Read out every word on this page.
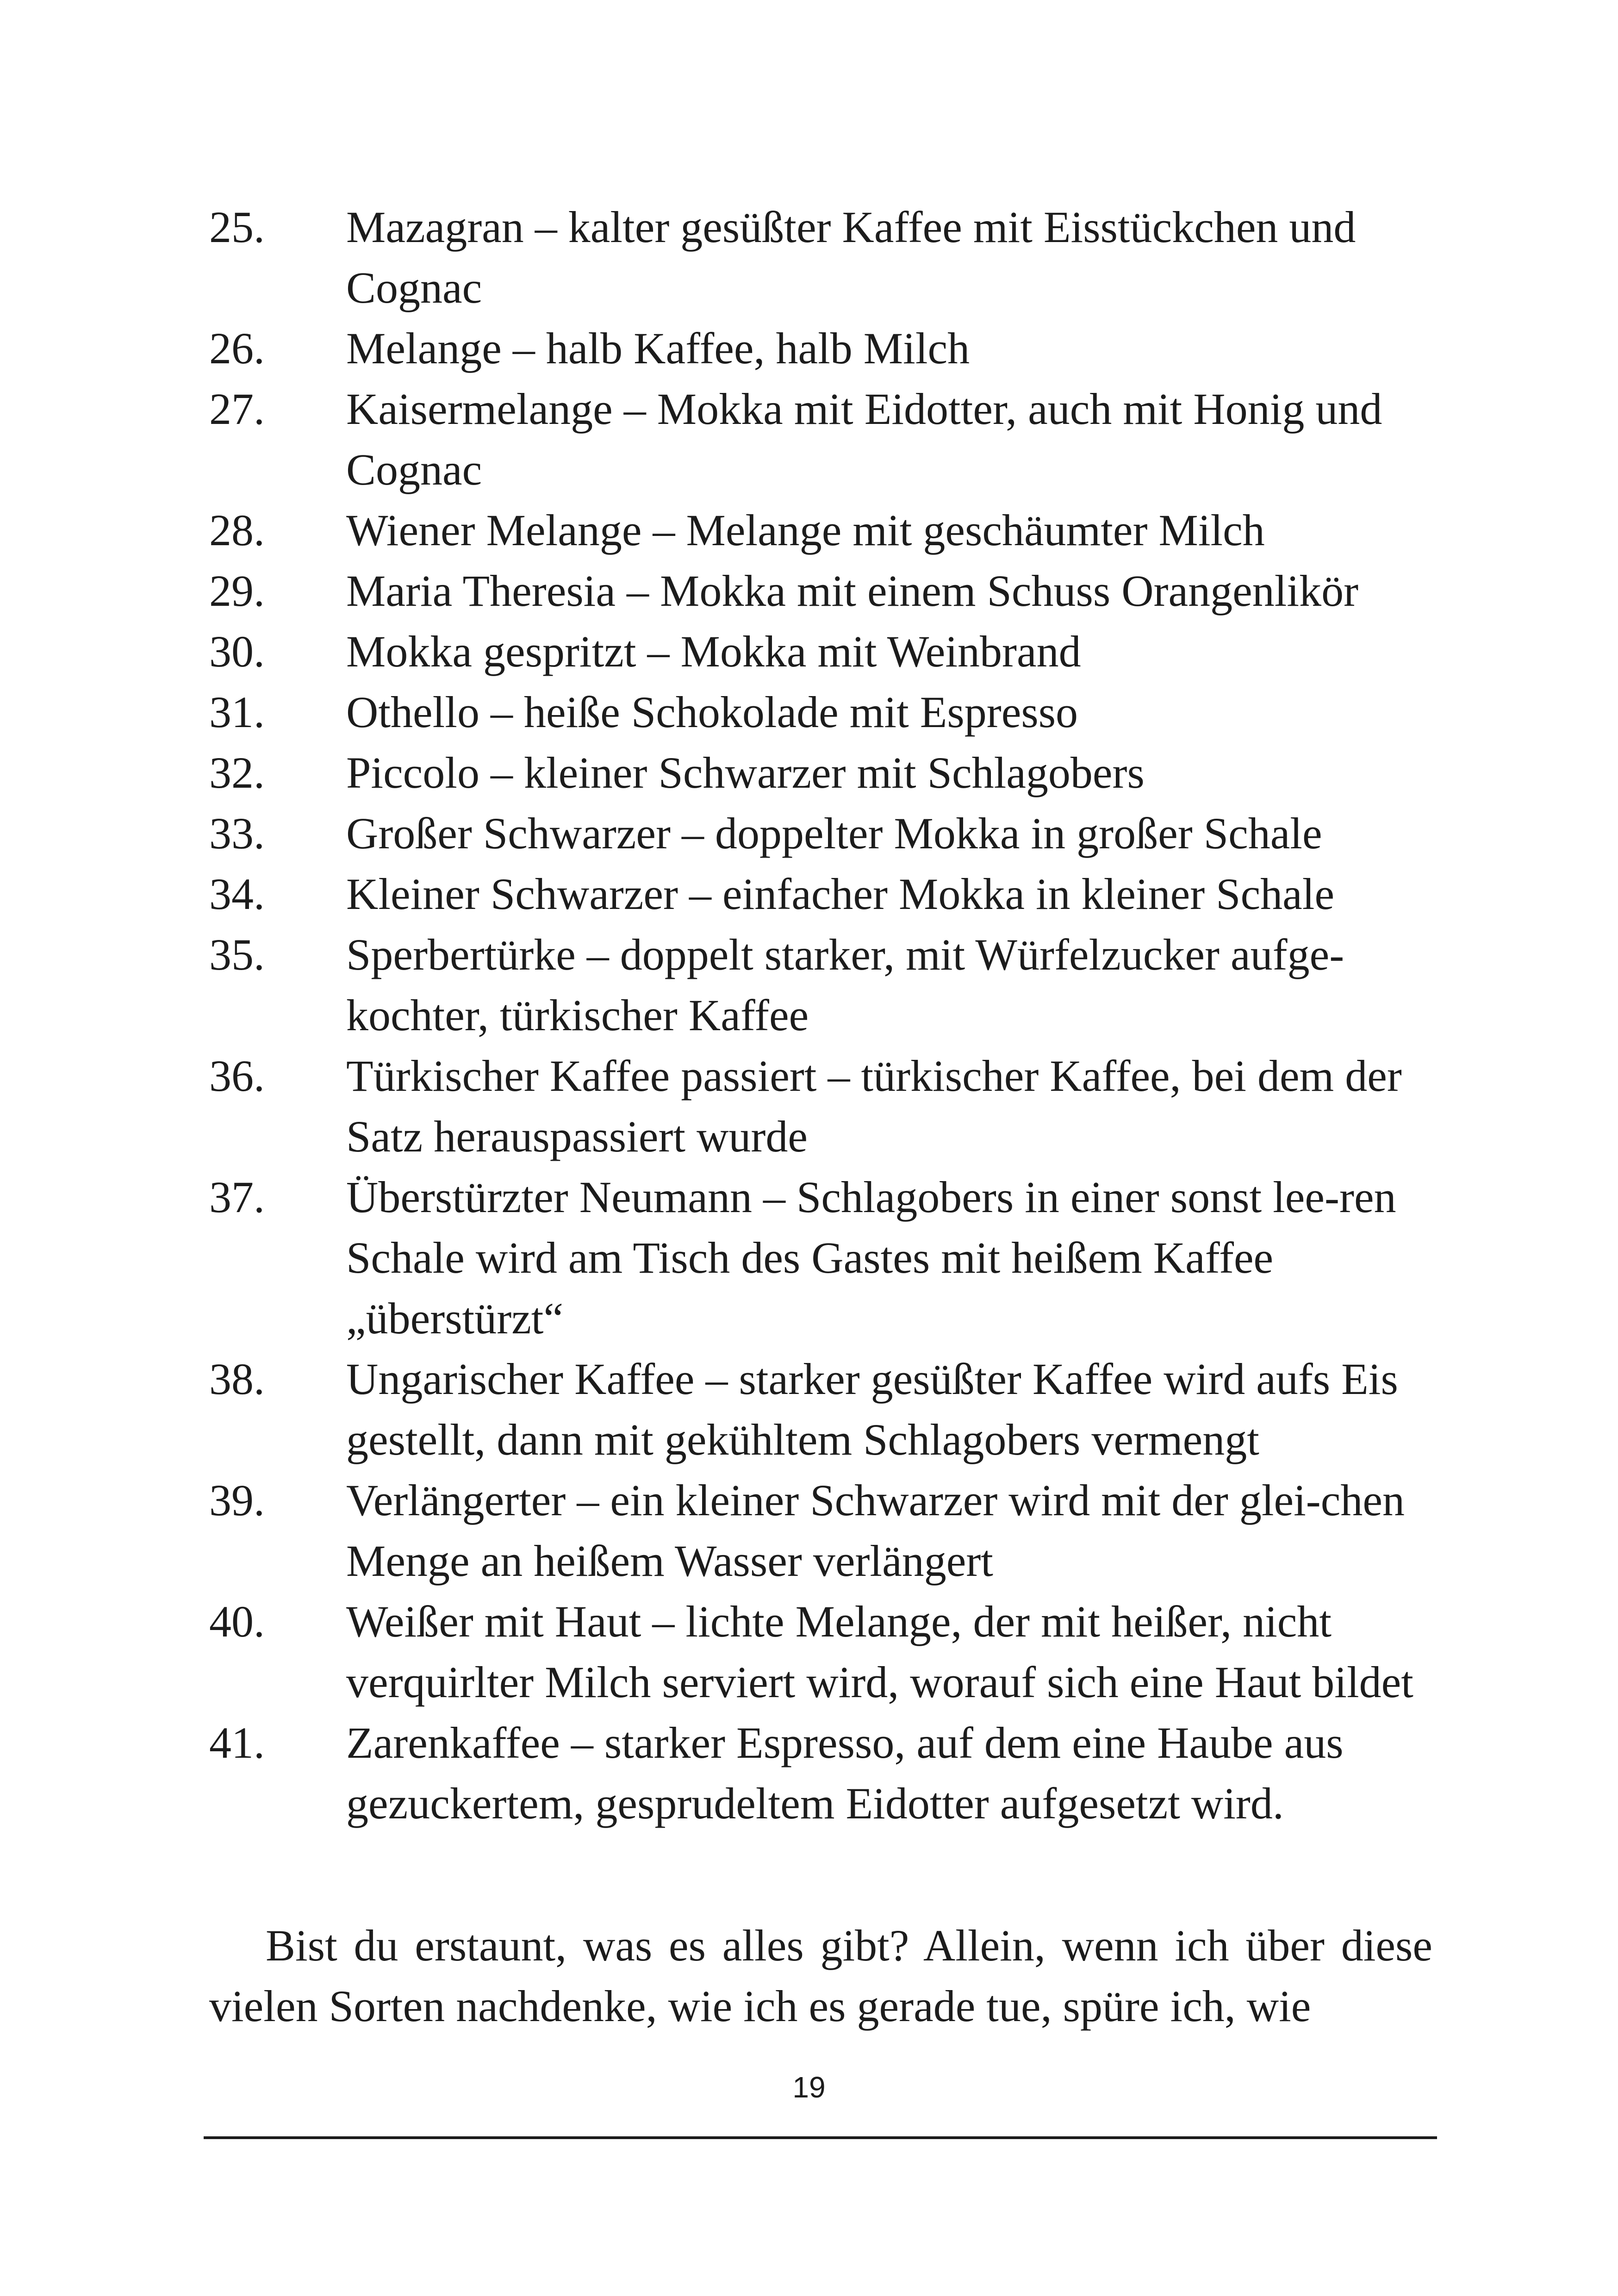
25. Mazagran – kalter gesüßter Kaffee mit Eisstückchen und Cognac
26. Melange – halb Kaffee, halb Milch
27. Kaisermelange – Mokka mit Eidotter, auch mit Honig und Cognac
28. Wiener Melange – Melange mit geschäumter Milch
29. Maria Theresia – Mokka mit einem Schuss Orangenlikör
30. Mokka gespritzt – Mokka mit Weinbrand
31. Othello – heiße Schokolade mit Espresso
32. Piccolo – kleiner Schwarzer mit Schlagobers
33. Großer Schwarzer – doppelter Mokka in großer Schale
34. Kleiner Schwarzer – einfacher Mokka in kleiner Schale
35. Sperbertürke – doppelt starker, mit Würfelzucker aufge-kochter, türkischer Kaffee
36. Türkischer Kaffee passiert – türkischer Kaffee, bei dem der Satz herauspassiert wurde
37. Überstürzter Neumann – Schlagobers in einer sonst lee-ren Schale wird am Tisch des Gastes mit heißem Kaffee „überstürzt“
38. Ungarischer Kaffee – starker gesüßter Kaffee wird aufs Eis gestellt, dann mit gekühltem Schlagobers vermengt
39. Verlängerter – ein kleiner Schwarzer wird mit der glei-chen Menge an heißem Wasser verlängert
40. Weißer mit Haut – lichte Melange, der mit heißer, nicht verquirlter Milch serviert wird, worauf sich eine Haut bildet
41. Zarenkaffee – starker Espresso, auf dem eine Haube aus gezuckertem, gesprudeltem Eidotter aufgesetzt wird.

Bist du erstaunt, was es alles gibt? Allein, wenn ich über diese vielen Sorten nachdenke, wie ich es gerade tue, spüre ich, wie

19
